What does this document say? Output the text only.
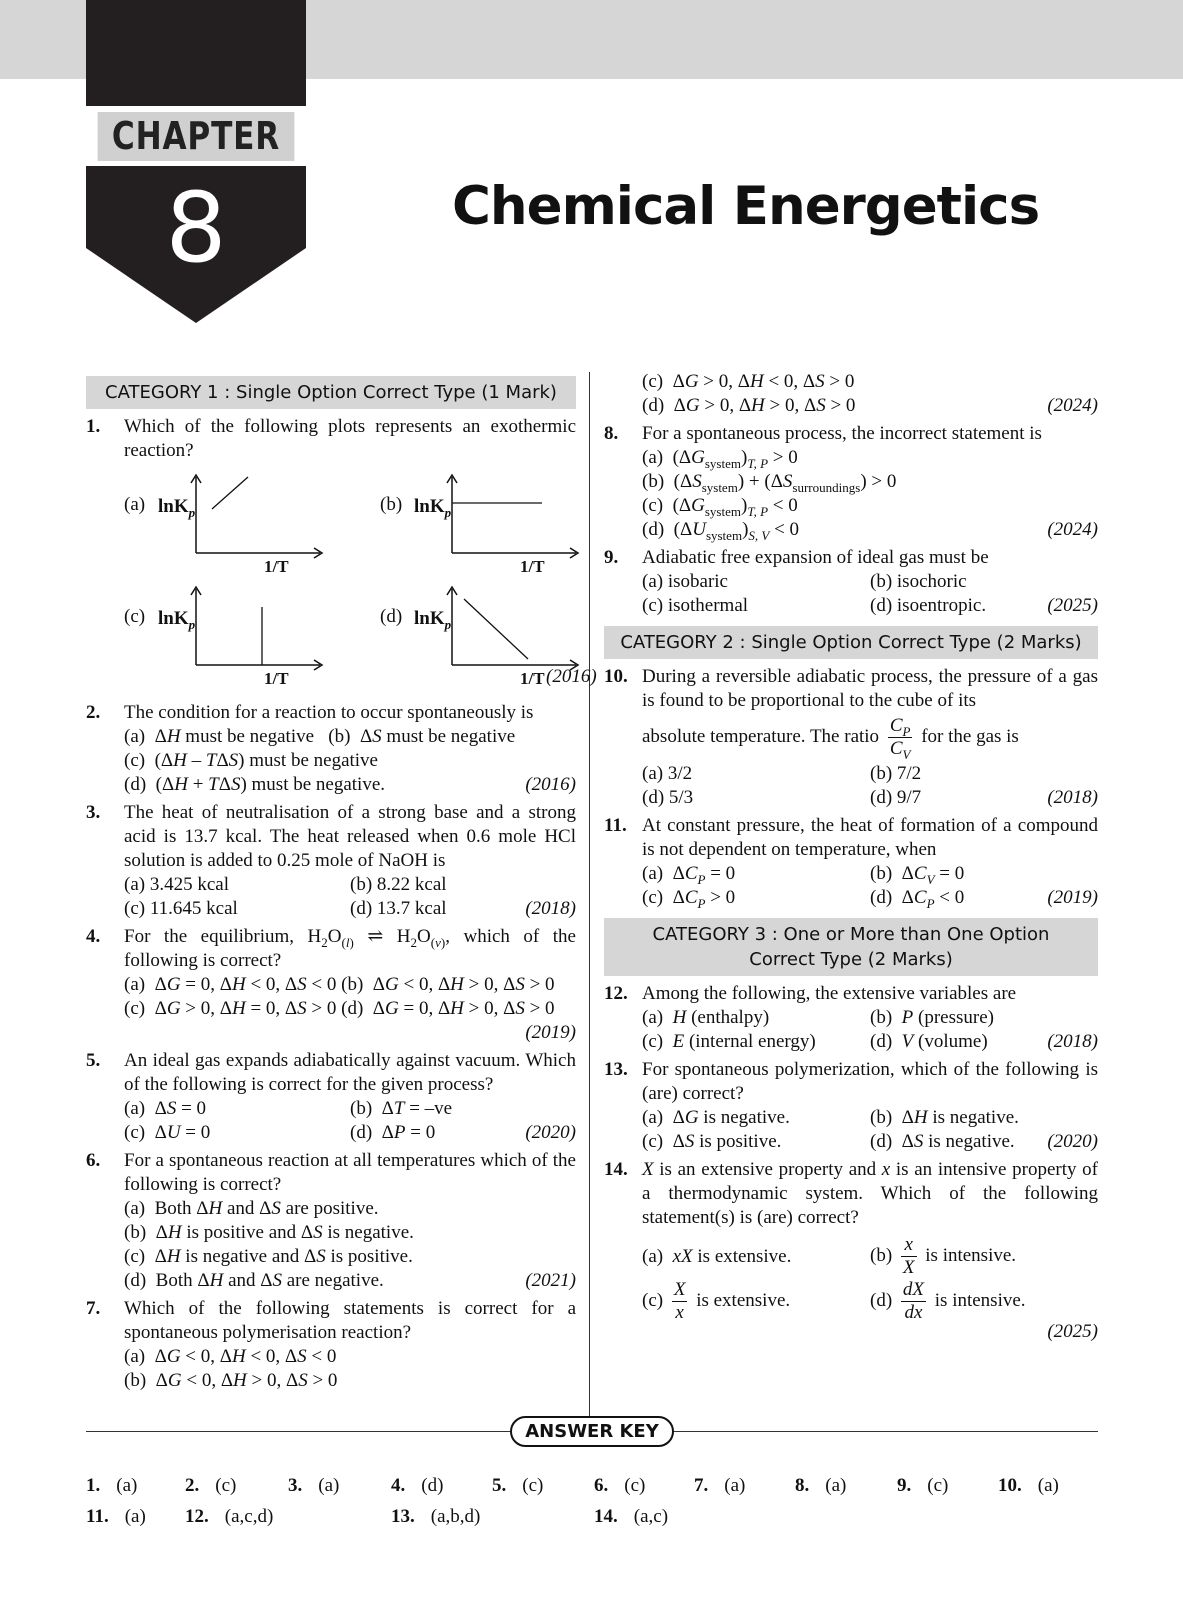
CHAPTER
8	Chemical Energetics
CATEGORY 1 : Single Option Correct Type (1 Mark)
1. Which of the following plots represents an exothermic reaction?
(a) lnK$_p$
1/T
(b) lnK$_p$
1/T
(c) lnK$_p$
1/T
(d) lnK$_p$
1/T (2016)
2. The condition for a reaction to occur spontaneously is
(a)  ΔH must be negative   (b)  ΔS must be negative
(c)  (ΔH – TΔS) must be negative
(d)  (ΔH + TΔS) must be negative.	(2016)
3. The heat of neutralisation of a strong base and a strong acid is 13.7 kcal. The heat released when 0.6 mole HCl solution is added to 0.25 mole of NaOH is
(a) 3.425 kcal	(b) 8.22 kcal
(c) 11.645 kcal	(d) 13.7 kcal	(2018)
4. For the equilibrium, $H_2O_{(l)}$ ⇌ $H_2O_{(v)}$, which of the following is correct?
(a)  ΔG = 0, ΔH < 0, ΔS < 0 (b)  ΔG < 0, ΔH > 0, ΔS > 0
(c)  ΔG > 0, ΔH = 0, ΔS > 0 (d)  ΔG = 0, ΔH > 0, ΔS > 0
(2019)
5. An ideal gas expands adiabatically against vacuum. Which of the following is correct for the given process?
(a)  ΔS = 0	(b)  ΔT = –ve
(c)  ΔU = 0	(d)  ΔP = 0	(2020)
6. For a spontaneous reaction at all temperatures which of the following is correct?
(a)  Both ΔH and ΔS are positive.
(b)  ΔH is positive and ΔS is negative.
(c)  ΔH is negative and ΔS is positive.
(d)  Both ΔH and ΔS are negative.	(2021)
7. Which of the following statements is correct for a spontaneous polymerisation reaction?
(a)  ΔG < 0, ΔH < 0, ΔS < 0
(b)  ΔG < 0, ΔH > 0, ΔS > 0
(c)  ΔG > 0, ΔH < 0, ΔS > 0
(d)  ΔG > 0, ΔH > 0, ΔS > 0	(2024)
8. For a spontaneous process, the incorrect statement is
(a)  $(\Delta G_{system})_{T, P} > 0$
(b)  $(\Delta S_{system}) + (\Delta S_{surroundings}) > 0$
(c)  $(\Delta G_{system})_{T, P} < 0$
(d)  $(\Delta U_{system})_{S, V} < 0$	(2024)
9. Adiabatic free expansion of ideal gas must be
(a) isobaric	(b) isochoric
(c) isothermal	(d) isoentropic.	(2025)
CATEGORY 2 : Single Option Correct Type (2 Marks)
10. During a reversible adiabatic process, the pressure of a gas is found to be proportional to the cube of its
absolute temperature. The ratio $\frac{C_P}{C_V}$ for the gas is
(a) 3/2	(b) 7/2
(d) 5/3	(d) 9/7	(2018)
11. At constant pressure, the heat of formation of a compound is not dependent on temperature, when
(a)  $\Delta C_P = 0$	(b)  $\Delta C_V = 0$
(c)  $\Delta C_P > 0$	(d)  $\Delta C_P < 0$	(2019)
CATEGORY 3 : One or More than One Option Correct Type (2 Marks)
12. Among the following, the extensive variables are
(a)  H (enthalpy)	(b)  P (pressure)
(c)  E (internal energy)	(d)  V (volume)	(2018)
13. For spontaneous polymerization, which of the following is (are) correct?
(a)  ΔG is negative.	(b)  ΔH is negative.
(c)  ΔS is positive.	(d)  ΔS is negative. (2020)
14. X is an extensive property and x is an intensive property of a thermodynamic system. Which of the following statement(s) is (are) correct?
(a)  xX is extensive.	$(b) \frac{x}{X}$ is intensive.
$(c) \frac{X}{x}$ is extensive.	$(d) \frac{dX}{dx}$ is intensive.
(2025)
ANSWER KEY
1. (a)	2. (c)	3. (a)	4. (d)	5. (c)	6. (c)	7. (a)	8. (a)	9. (c)	10. (a)
11. (a) 12. (a,c,d)	13. (a,b,d)	14. (a,c)
